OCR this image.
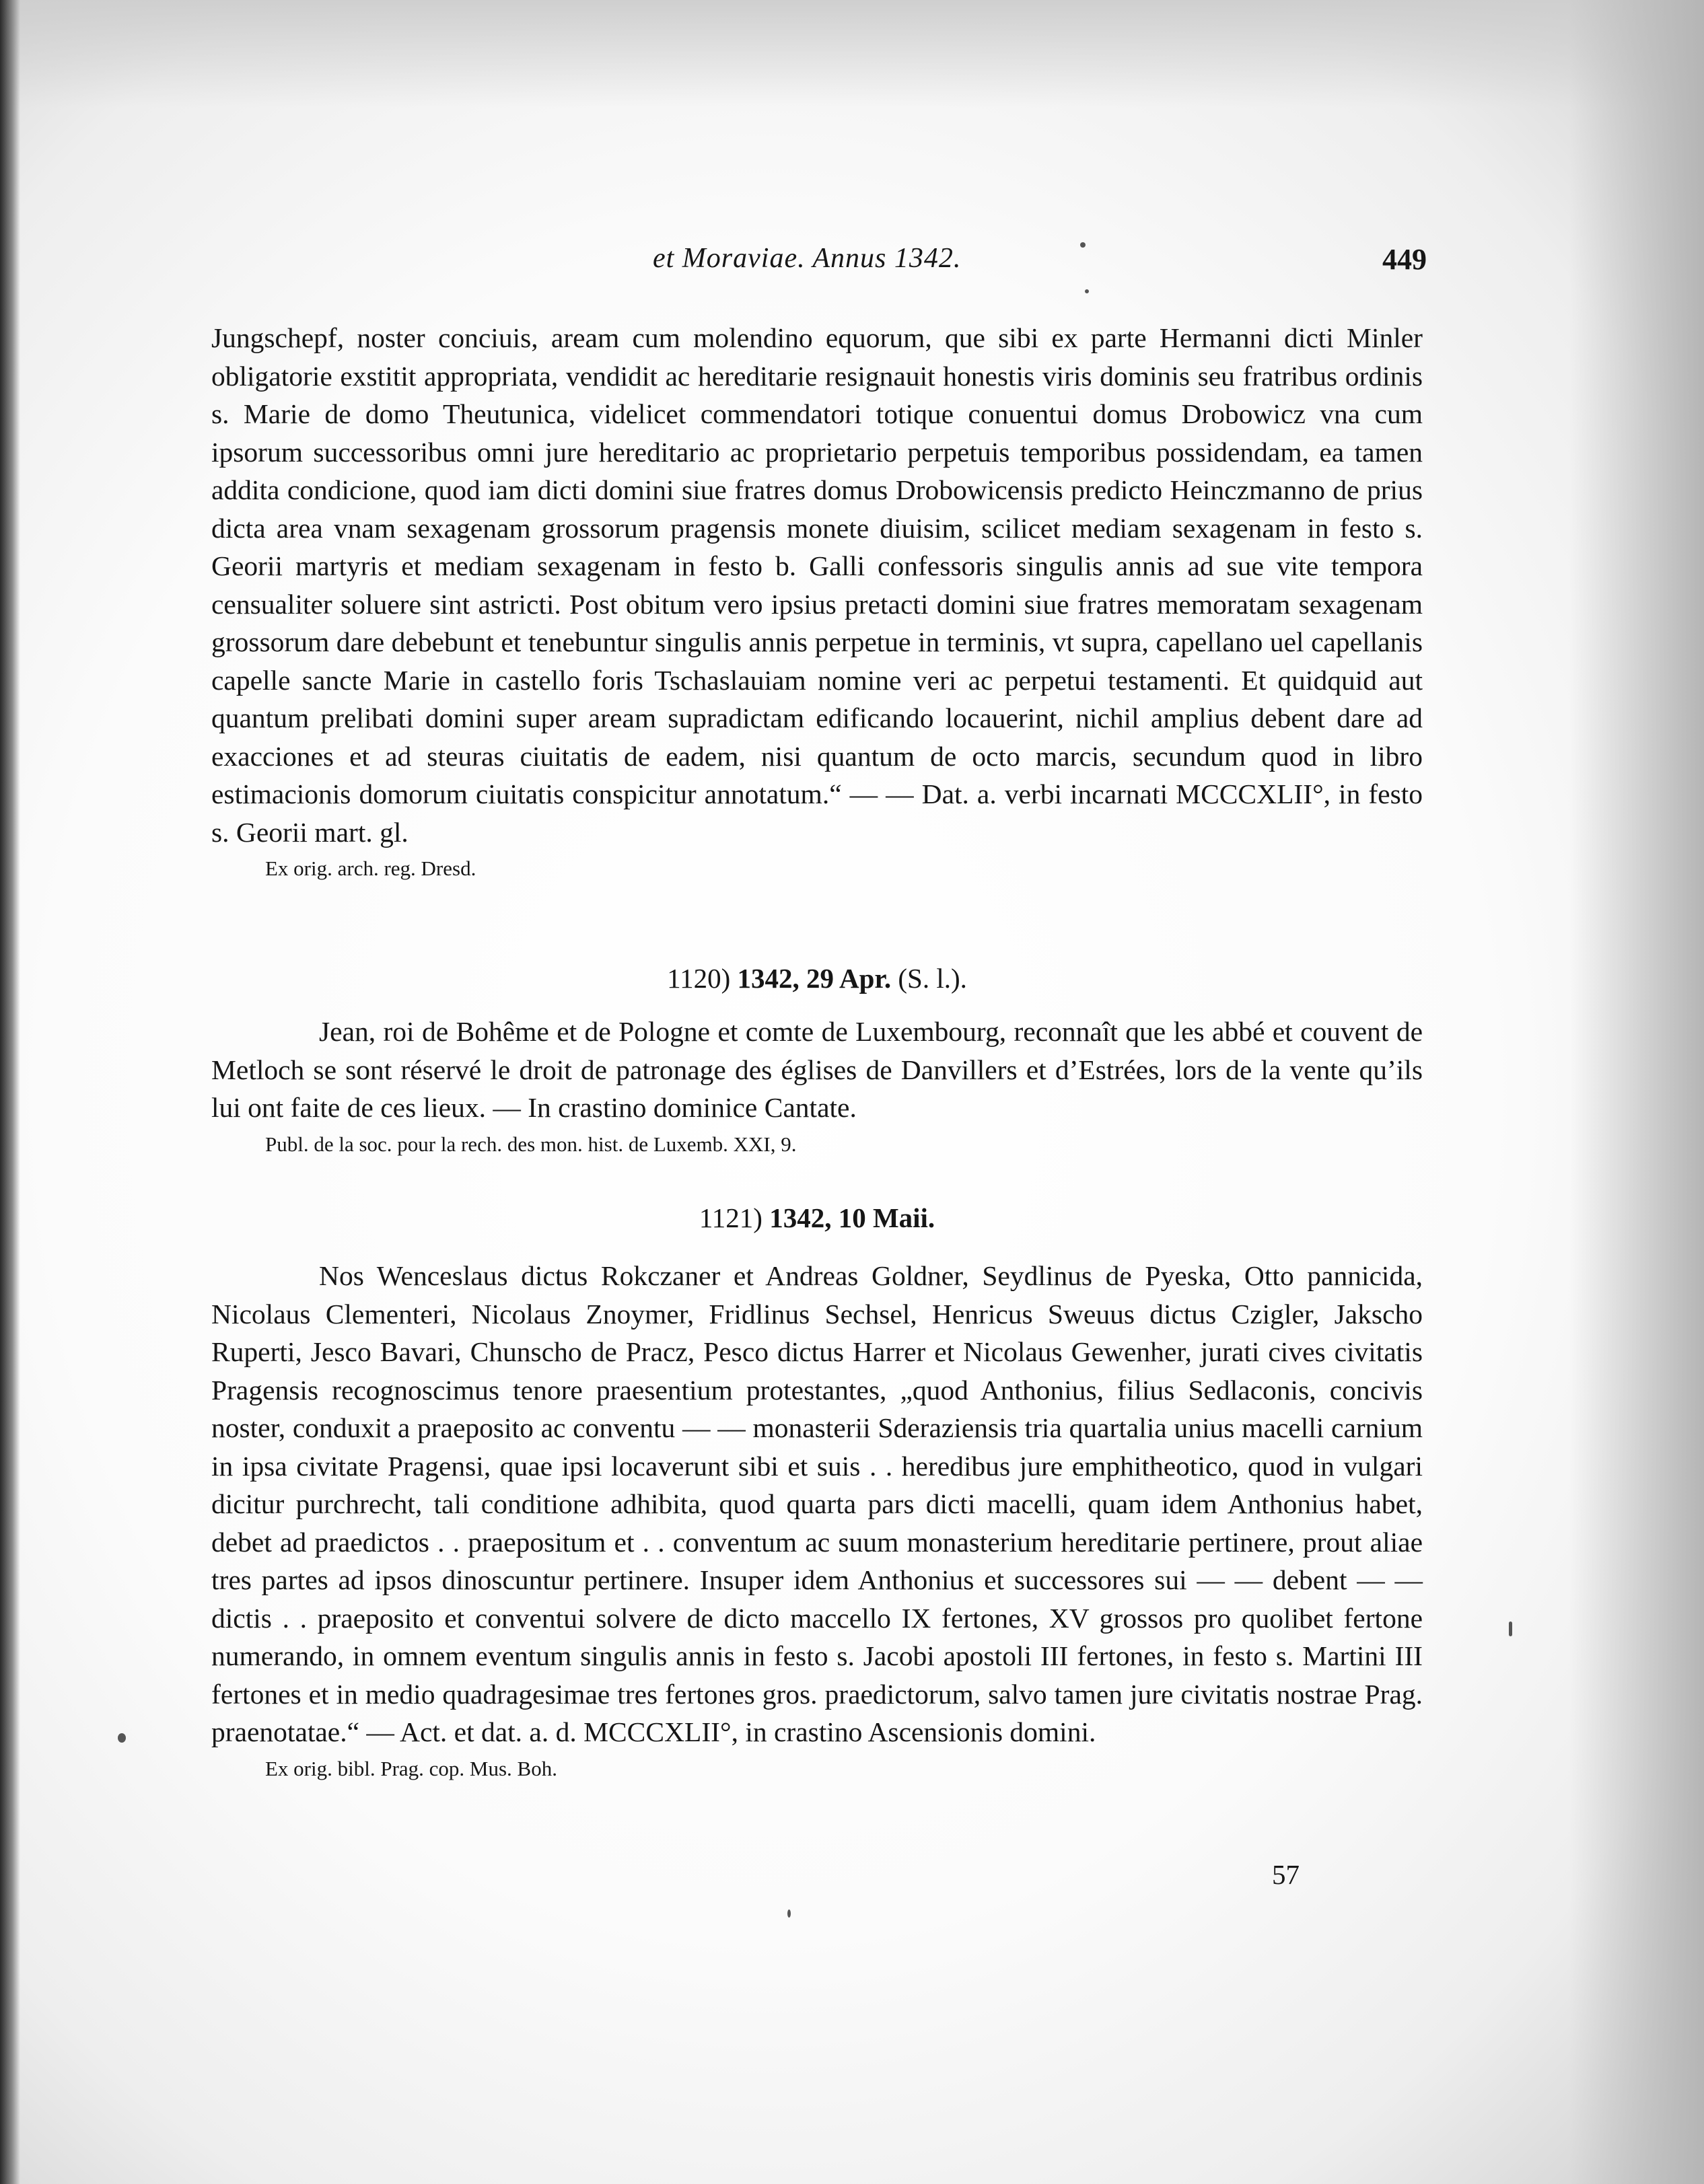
et Moraviae. Annus 1342.	449

Jungschepf, noster conciuis, aream cum molendino equorum, que sibi ex parte Hermanni dicti Minler obligatorie exstitit appropriata, vendidit ac hereditarie resignauit honestis viris dominis seu fratribus ordinis s. Marie de domo Theutunica, videlicet commendatori totique conuentui domus Drobowicz vna cum ipsorum successoribus omni jure hereditario ac proprietario perpetuis temporibus possidendam, ea tamen addita condicione, quod iam dicti domini siue fratres domus Drobowicensis predicto Heinczmanno de prius dicta area vnam sexagenam grossorum pragensis monete diuisim, scilicet mediam sexagenam in festo s. Georii martyris et mediam sexagenam in festo b. Galli confessoris singulis annis ad sue vite tempora censualiter soluere sint astricti. Post obitum vero ipsius pretacti domini siue fratres memoratam sexagenam grossorum dare debebunt et tenebuntur singulis annis perpetue in terminis, vt supra, capellano uel capellanis capelle sancte Marie in castello foris Tschaslauiam nomine veri ac perpetui testamenti. Et quidquid aut quantum prelibati domini super aream supradictam edificando locauerint, nichil amplius debent dare ad exacciones et ad steuras ciuitatis de eadem, nisi quantum de octo marcis, secundum quod in libro estimacionis domorum ciuitatis conspicitur annotatum.“ — — Dat. a. verbi incarnati MCCCXLII°, in festo s. Georii mart. gl.

Ex orig. arch. reg. Dresd.

1120) 1342, 29 Apr. (S. l.).

Jean, roi de Bohême et de Pologne et comte de Luxembourg, reconnaît que les abbé et couvent de Metloch se sont réservé le droit de patronage des églises de Danvillers et d’Estrées, lors de la vente qu’ils lui ont faite de ces lieux. — In crastino dominice Cantate.

Publ. de la soc. pour la rech. des mon. hist. de Luxemb. XXI, 9.

1121) 1342, 10 Maii.

Nos Wenceslaus dictus Rokczaner et Andreas Goldner, Seydlinus de Pyeska, Otto pannicida, Nicolaus Clementeri, Nicolaus Znoymer, Fridlinus Sechsel, Henricus Sweuus dictus Czigler, Jakscho Ruperti, Jesco Bavari, Chunscho de Pracz, Pesco dictus Harrer et Nicolaus Gewenher, jurati cives civitatis Pragensis recognoscimus tenore praesentium protestantes, „quod Anthonius, filius Sedlaconis, concivis noster, conduxit a praeposito ac conventu — — monasterii Sderaziensis tria quartalia unius macelli carnium in ipsa civitate Pragensi, quae ipsi locaverunt sibi et suis . . heredibus jure emphitheotico, quod in vulgari dicitur purchrecht, tali conditione adhibita, quod quarta pars dicti macelli, quam idem Anthonius habet, debet ad praedictos . . praepositum et . . conventum ac suum monasterium hereditarie pertinere, prout aliae tres partes ad ipsos dinoscuntur pertinere. Insuper idem Anthonius et successores sui — — debent — — dictis . . praeposito et conventui solvere de dicto maccello IX fertones, XV grossos pro quolibet fertone numerando, in omnem eventum singulis annis in festo s. Jacobi apostoli III fertones, in festo s. Martini III fertones et in medio quadragesimae tres fertones gros. praedictorum, salvo tamen jure civitatis nostrae Prag. praenotatae.“ — Act. et dat. a. d. MCCCXLII°, in crastino Ascensionis domini.

Ex orig. bibl. Prag. cop. Mus. Boh.

57
